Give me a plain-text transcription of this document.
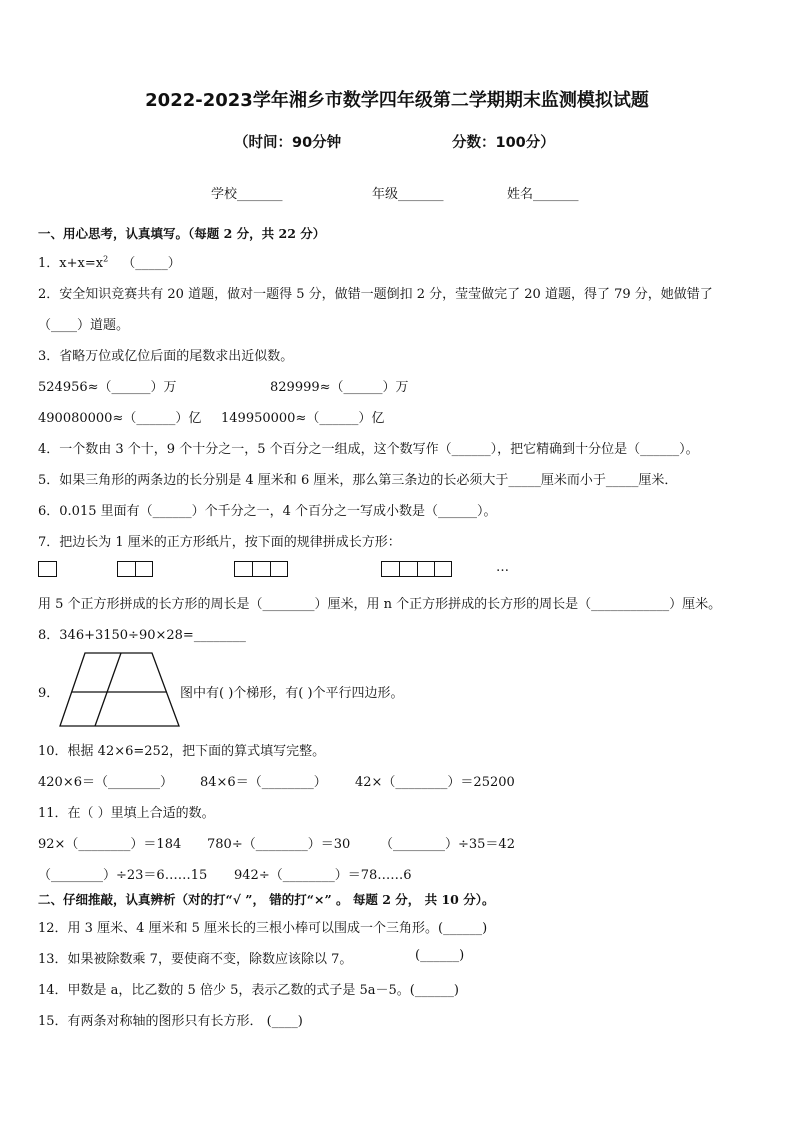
2022-2023学年湘乡市数学四年级第二学期期末监测模拟试题
（时间：90分钟	分数：100分）
学校_______	年级_______	姓名_______
一、用心思考，认真填写。（每题 2 分，共 22 分）
1．$x+x=x^2$ （_____）
2．安全知识竞赛共有 20 道题，做对一题得 5 分，做错一题倒扣 2 分，莹莹做完了 20 道题，得了 79 分，她做错了
（____）道题。
3．省略万位或亿位后面的尾数求出近似数。
524956≈（______）万	829999≈（______）万
490080000≈（______）亿 149950000≈（______）亿
4．一个数由 3 个十，9 个十分之一，5 个百分之一组成，这个数写作（______），把它精确到十分位是（______）。
5．如果三角形的两条边的长分别是 4 厘米和 6 厘米，那么第三条边的长必须大于_____厘米而小于_____厘米．
6．0.015 里面有（______）个千分之一，4 个百分之一写成小数是（______）。
7．把边长为 1 厘米的正方形纸片，按下面的规律拼成长方形：
…
用 5 个正方形拼成的长方形的周长是（________）厘米，用 n 个正方形拼成的长方形的周长是（____________）厘米。
8．346+3150÷90×28=________
9．	图中有( )个梯形，有( )个平行四边形。
10．根据 42×6=252，把下面的算式填写完整。
420×6＝（________） 84×6＝（________） 42×（________）＝25200
11．在（ ）里填上合适的数。
92×（________）＝184 780÷（________）＝30 （________）÷35＝42
（________）÷23＝6……15 942÷（________）＝78……6
二、仔细推敲，认真辨析（对的打“√ ”， 错的打“×” 。 每题 2 分， 共 10 分）。
12．用 3 厘米、4 厘米和 5 厘米长的三根小棒可以围成一个三角形。(______)
13．如果被除数乘 7，要使商不变，除数应该除以 7。	(______)
14．甲数是 a，比乙数的 5 倍少 5，表示乙数的式子是 5a－5。(______)
15．有两条对称轴的图形只有长方形． (____)
